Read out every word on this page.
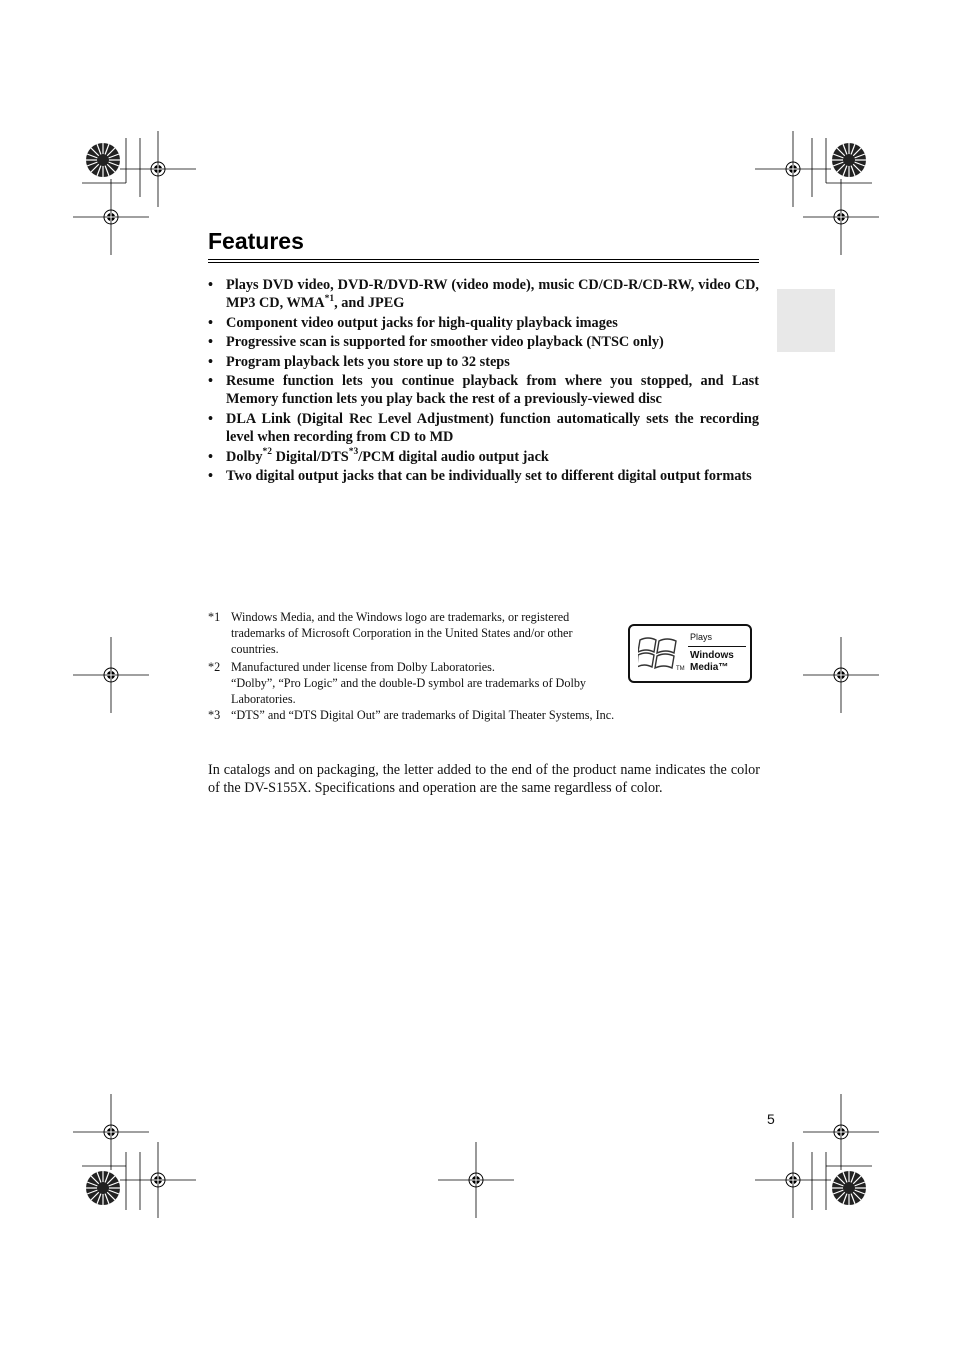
Features
• Plays DVD video, DVD-R/DVD-RW (video mode), music CD/CD-R/CD-RW, video CD, MP3 CD, WMA$^{*1}$, and JPEG
• Component video output jacks for high-quality playback images
• Progressive scan is supported for smoother video playback (NTSC only)
• Program playback lets you store up to 32 steps
• Resume function lets you continue playback from where you stopped, and Last Memory function lets you play back the rest of a previously-viewed disc
• DLA Link (Digital Rec Level Adjustment) function automatically sets the recording level when recording from CD to MD
• Dolby$^{*2}$ Digital/DTS$^{*3}$/PCM digital audio output jack
• Two digital output jacks that can be individually set to different digital output formats
*1 Windows Media, and the Windows logo are trademarks, or registered trademarks of Microsoft Corporation in the United States and/or other countries.
*2 Manufactured under license from Dolby Laboratories.
“Dolby”, “Pro Logic” and the double-D symbol are trademarks of Dolby Laboratories.
*3 “DTS” and “DTS Digital Out” are trademarks of Digital Theater Systems, Inc.
Plays
Windows
Media™
TM

In catalogs and on packaging, the letter added to the end of the product name indicates the color of the DV-S155X. Specifications and operation are the same regardless of color.

5
